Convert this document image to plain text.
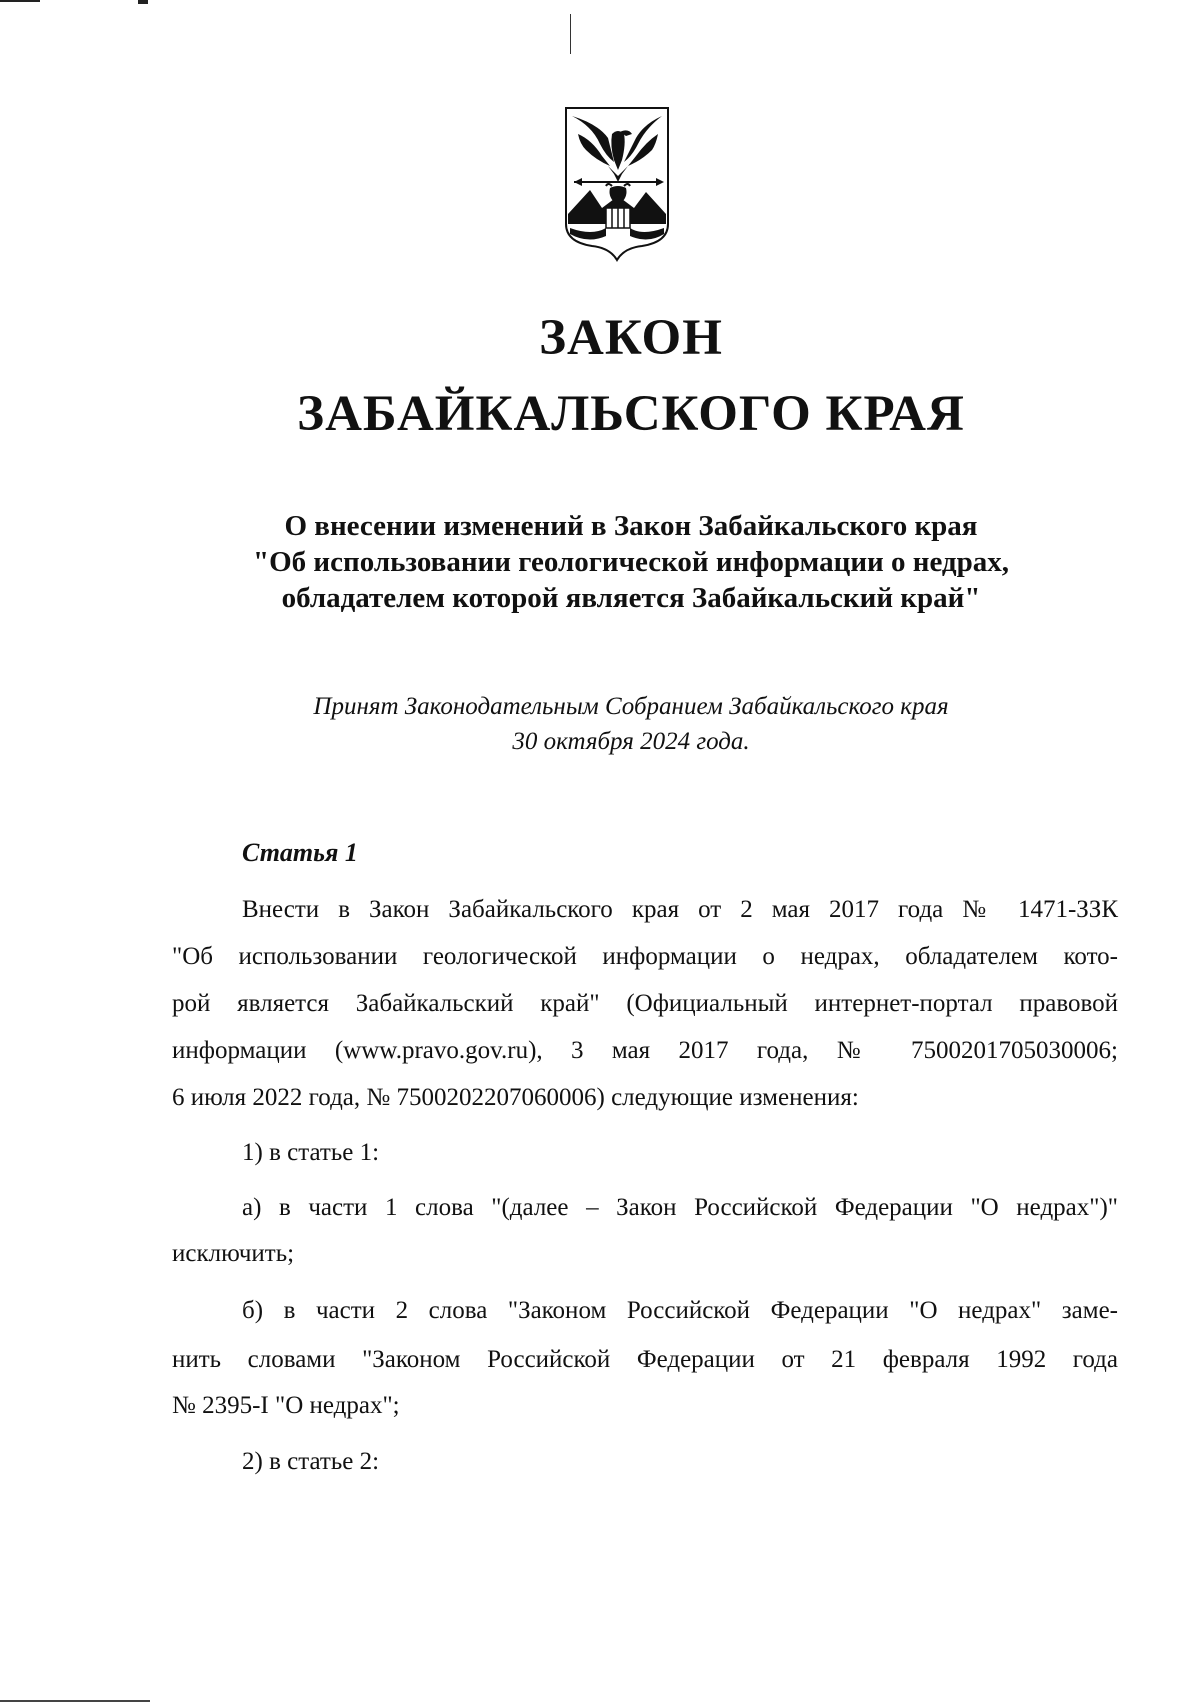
ЗАКОН
ЗАБАЙКАЛЬСКОГО КРАЯ
О внесении изменений в Закон Забайкальского края
"Об использовании геологической информации о недрах,
обладателем которой является Забайкальский край"
Принят Законодательным Собранием Забайкальского края
30 октября 2024 года.
Статья 1
Внести в Закон Забайкальского края от 2 мая 2017 года № 1471-ЗЗК
"Об использовании геологической информации о недрах, обладателем кото-
рой является Забайкальский край" (Официальный интернет-портал правовой
информации (www.pravo.gov.ru), 3 мая 2017 года, № 7500201705030006;
6 июля 2022 года, № 7500202207060006) следующие изменения:
1) в статье 1:
а) в части 1 слова "(далее – Закон Российской Федерации "О недрах")"
исключить;
б) в части 2 слова "Законом Российской Федерации "О недрах" заме-
нить словами "Законом Российской Федерации от 21 февраля 1992 года
№ 2395-I "О недрах";
2) в статье 2:
